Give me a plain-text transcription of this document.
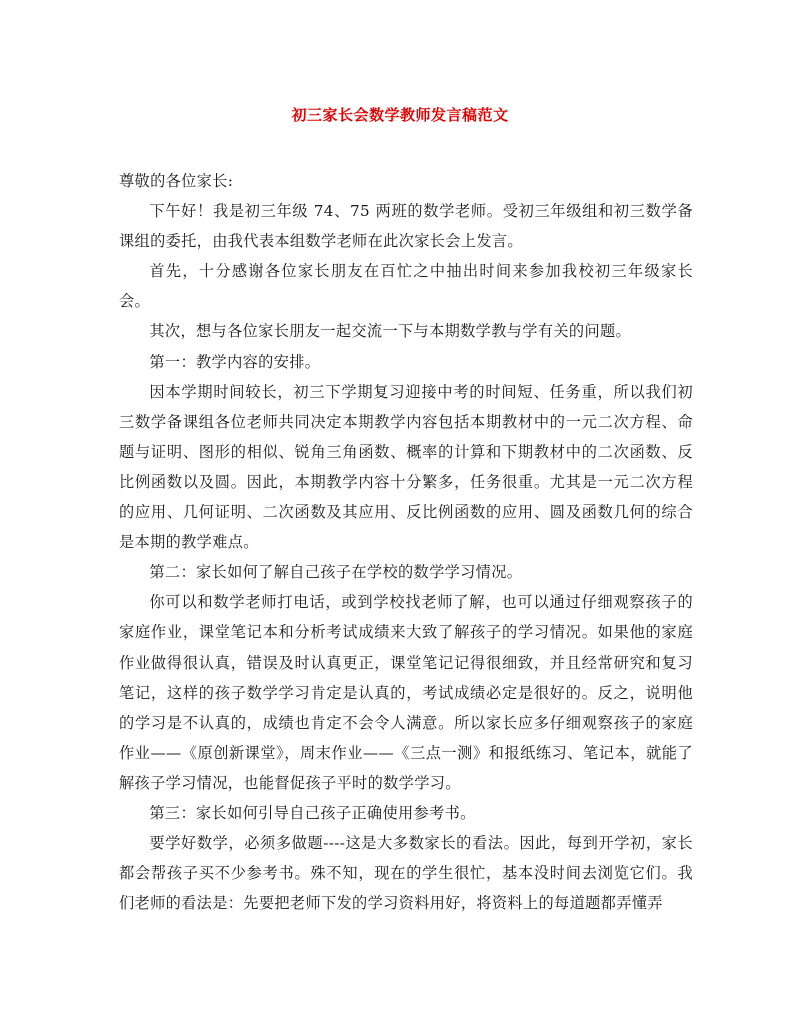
初三家长会数学教师发言稿范文

尊敬的各位家长:

下午好！我是初三年级 74、75 两班的数学老师。受初三年级组和初三数学备课组的委托，由我代表本组数学老师在此次家长会上发言。

首先，十分感谢各位家长朋友在百忙之中抽出时间来参加我校初三年级家长会。

其次，想与各位家长朋友一起交流一下与本期数学教与学有关的问题。

第一：教学内容的安排。

因本学期时间较长，初三下学期复习迎接中考的时间短、任务重，所以我们初三数学备课组各位老师共同决定本期教学内容包括本期教材中的一元二次方程、命题与证明、图形的相似、锐角三角函数、概率的计算和下期教材中的二次函数、反比例函数以及圆。因此，本期教学内容十分繁多，任务很重。尤其是一元二次方程的应用、几何证明、二次函数及其应用、反比例函数的应用、圆及函数几何的综合是本期的教学难点。

第二：家长如何了解自己孩子在学校的数学学习情况。

你可以和数学老师打电话，或到学校找老师了解，也可以通过仔细观察孩子的家庭作业，课堂笔记本和分析考试成绩来大致了解孩子的学习情况。如果他的家庭作业做得很认真，错误及时认真更正，课堂笔记记得很细致，并且经常研究和复习笔记，这样的孩子数学学习肯定是认真的，考试成绩必定是很好的。反之，说明他的学习是不认真的，成绩也肯定不会令人满意。所以家长应多仔细观察孩子的家庭作业——《原创新课堂》，周末作业——《三点一测》和报纸练习、笔记本，就能了解孩子学习情况，也能督促孩子平时的数学学习。

第三：家长如何引导自己孩子正确使用参考书。

要学好数学，必须多做题----这是大多数家长的看法。因此，每到开学初，家长都会帮孩子买不少参考书。殊不知，现在的学生很忙，基本没时间去浏览它们。我们老师的看法是：先要把老师下发的学习资料用好，将资料上的每道题都弄懂弄
